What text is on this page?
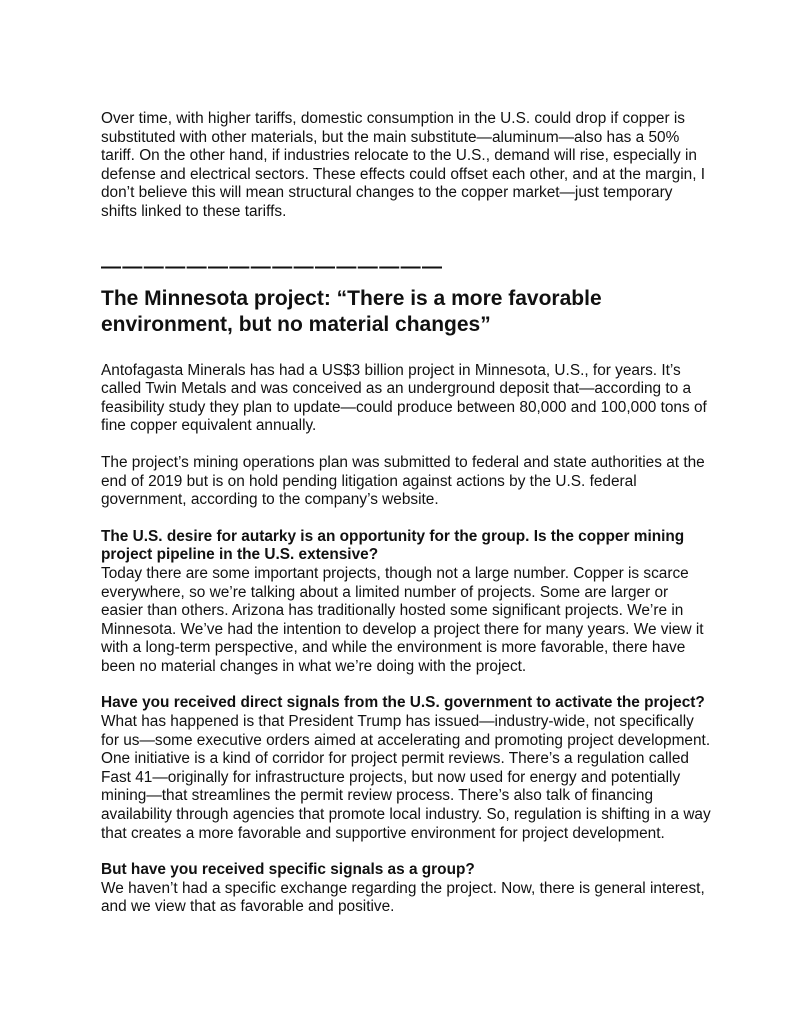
Over time, with higher tariffs, domestic consumption in the U.S. could drop if copper is substituted with other materials, but the main substitute—aluminum—also has a 50% tariff. On the other hand, if industries relocate to the U.S., demand will rise, especially in defense and electrical sectors. These effects could offset each other, and at the margin, I don’t believe this will mean structural changes to the copper market—just temporary shifts linked to these tariffs.

————————————————
The Minnesota project: “There is a more favorable environment, but no material changes”

Antofagasta Minerals has had a US$3 billion project in Minnesota, U.S., for years. It’s called Twin Metals and was conceived as an underground deposit that—according to a feasibility study they plan to update—could produce between 80,000 and 100,000 tons of fine copper equivalent annually.

The project’s mining operations plan was submitted to federal and state authorities at the end of 2019 but is on hold pending litigation against actions by the U.S. federal government, according to the company’s website.

The U.S. desire for autarky is an opportunity for the group. Is the copper mining project pipeline in the U.S. extensive?

Today there are some important projects, though not a large number. Copper is scarce everywhere, so we’re talking about a limited number of projects. Some are larger or easier than others. Arizona has traditionally hosted some significant projects. We’re in Minnesota. We’ve had the intention to develop a project there for many years. We view it with a long-term perspective, and while the environment is more favorable, there have been no material changes in what we’re doing with the project.

Have you received direct signals from the U.S. government to activate the project?

What has happened is that President Trump has issued—industry-wide, not specifically for us—some executive orders aimed at accelerating and promoting project development. One initiative is a kind of corridor for project permit reviews. There’s a regulation called Fast 41—originally for infrastructure projects, but now used for energy and potentially mining—that streamlines the permit review process. There’s also talk of financing availability through agencies that promote local industry. So, regulation is shifting in a way that creates a more favorable and supportive environment for project development.

But have you received specific signals as a group?

We haven’t had a specific exchange regarding the project. Now, there is general interest, and we view that as favorable and positive.
